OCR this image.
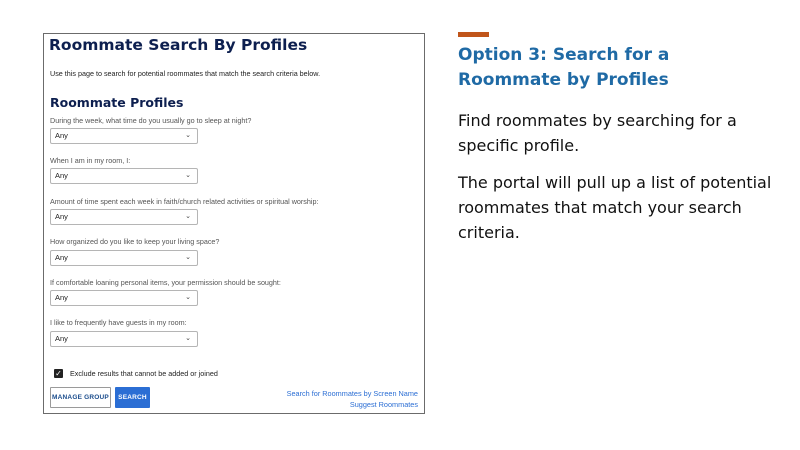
Roommate Search By Profiles
Use this page to search for potential roommates that match the search criteria below.
Roommate Profiles
During the week, what time do you usually go to sleep at night?
Any	⌄
When I am in my room, I:
Any	⌄
Amount of time spent each week in faith/church related activities or spiritual worship:
Any	⌄
How organized do you like to keep your living space?
Any	⌄
If comfortable loaning personal items, your permission should be sought:
Any	⌄
I like to frequently have guests in my room:
Any	⌄
✓ Exclude results that cannot be added or joined
MANAGE GROUP	SEARCH	Search for Roommates by Screen Name
Suggest Roommates
Option 3: Search for a Roommate by Profiles
Find roommates by searching for a specific profile.
The portal will pull up a list of potential roommates that match your search criteria.
